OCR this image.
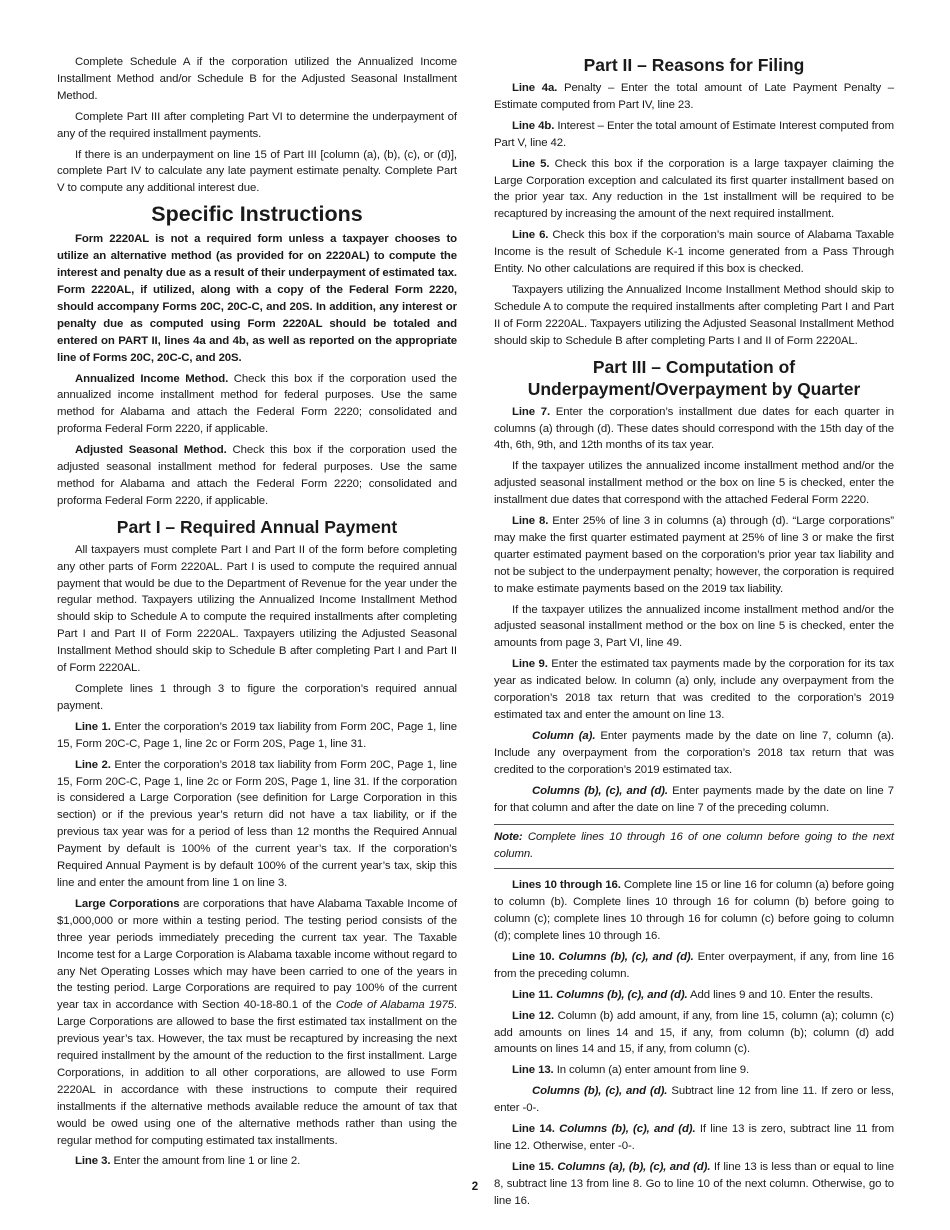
Complete Schedule A if the corporation utilized the Annualized Income Installment Method and/or Schedule B for the Adjusted Seasonal Installment Method.

Complete Part III after completing Part VI to determine the underpayment of any of the required installment payments.

If there is an underpayment on line 15 of Part III [column (a), (b), (c), or (d)], complete Part IV to calculate any late payment estimate penalty. Complete Part V to compute any additional interest due.

Specific Instructions

Form 2220AL is not a required form unless a taxpayer chooses to utilize an alternative method (as provided for on 2220AL) to compute the interest and penalty due as a result of their underpayment of estimated tax. Form 2220AL, if utilized, along with a copy of the Federal Form 2220, should accompany Forms 20C, 20C-C, and 20S. In addition, any interest or penalty due as computed using Form 2220AL should be totaled and entered on PART II, lines 4a and 4b, as well as reported on the appropriate line of Forms 20C, 20C-C, and 20S.

Annualized Income Method. Check this box if the corporation used the annualized income installment method for federal purposes. Use the same method for Alabama and attach the Federal Form 2220; consolidated and proforma Federal Form 2220, if applicable.

Adjusted Seasonal Method. Check this box if the corporation used the adjusted seasonal installment method for federal purposes. Use the same method for Alabama and attach the Federal Form 2220; consolidated and proforma Federal Form 2220, if applicable.

Part I – Required Annual Payment

All taxpayers must complete Part I and Part II of the form before completing any other parts of Form 2220AL. Part I is used to compute the required annual payment that would be due to the Department of Revenue for the year under the regular method. Taxpayers utilizing the Annualized Income Installment Method should skip to Schedule A to compute the required installments after completing Part I and Part II of Form 2220AL. Taxpayers utilizing the Adjusted Seasonal Installment Method should skip to Schedule B after completing Part I and Part II of Form 2220AL.

Complete lines 1 through 3 to figure the corporation’s required annual payment.

Line 1. Enter the corporation’s 2019 tax liability from Form 20C, Page 1, line 15, Form 20C-C, Page 1, line 2c or Form 20S, Page 1, line 31.

Line 2. Enter the corporation’s 2018 tax liability from Form 20C, Page 1, line 15, Form 20C-C, Page 1, line 2c or Form 20S, Page 1, line 31. If the corporation is considered a Large Corporation (see definition for Large Corporation in this section) or if the previous year’s return did not have a tax liability, or if the previous tax year was for a period of less than 12 months the Required Annual Payment by default is 100% of the current year’s tax. If the corporation’s Required Annual Payment is by default 100% of the current year’s tax, skip this line and enter the amount from line 1 on line 3.

Large Corporations are corporations that have Alabama Taxable Income of $1,000,000 or more within a testing period. The testing period consists of the three year periods immediately preceding the current tax year. The Taxable Income test for a Large Corporation is Alabama taxable income without regard to any Net Operating Losses which may have been carried to one of the years in the testing period. Large Corporations are required to pay 100% of the current year tax in accordance with Section 40-18-80.1 of the Code of Alabama 1975. Large Corporations are allowed to base the first estimated tax installment on the previous year’s tax. However, the tax must be recaptured by increasing the next required installment by the amount of the reduction to the first installment. Large Corporations, in addition to all other corporations, are allowed to use Form 2220AL in accordance with these instructions to compute their required installments if the alternative methods available reduce the amount of tax that would be owed using one of the alternative methods rather than using the regular method for computing estimated tax installments.

Line 3. Enter the amount from line 1 or line 2.

Part II – Reasons for Filing

Line 4a. Penalty – Enter the total amount of Late Payment Penalty – Estimate computed from Part IV, line 23.

Line 4b. Interest – Enter the total amount of Estimate Interest computed from Part V, line 42.

Line 5. Check this box if the corporation is a large taxpayer claiming the Large Corporation exception and calculated its first quarter installment based on the prior year tax. Any reduction in the 1st installment will be required to be recaptured by increasing the amount of the next required installment.

Line 6. Check this box if the corporation’s main source of Alabama Taxable Income is the result of Schedule K-1 income generated from a Pass Through Entity. No other calculations are required if this box is checked.

Taxpayers utilizing the Annualized Income Installment Method should skip to Schedule A to compute the required installments after completing Part I and Part II of Form 2220AL. Taxpayers utilizing the Adjusted Seasonal Installment Method should skip to Schedule B after completing Parts I and II of Form 2220AL.

Part III – Computation of
Underpayment/Overpayment by Quarter

Line 7. Enter the corporation’s installment due dates for each quarter in columns (a) through (d). These dates should correspond with the 15th day of the 4th, 6th, 9th, and 12th months of its tax year.

If the taxpayer utilizes the annualized income installment method and/or the adjusted seasonal installment method or the box on line 5 is checked, enter the installment due dates that correspond with the attached Federal Form 2220.

Line 8. Enter 25% of line 3 in columns (a) through (d). “Large corporations” may make the first quarter estimated payment at 25% of line 3 or make the first quarter estimated payment based on the corporation’s prior year tax liability and not be subject to the underpayment penalty; however, the corporation is required to make estimate payments based on the 2019 tax liability.

If the taxpayer utilizes the annualized income installment method and/or the adjusted seasonal installment method or the box on line 5 is checked, enter the amounts from page 3, Part VI, line 49.

Line 9. Enter the estimated tax payments made by the corporation for its tax year as indicated below. In column (a) only, include any overpayment from the corporation’s 2018 tax return that was credited to the corporation’s 2019 estimated tax and enter the amount on line 13.

Column (a). Enter payments made by the date on line 7, column (a). Include any overpayment from the corporation’s 2018 tax return that was credited to the corporation’s 2019 estimated tax.

Columns (b), (c), and (d). Enter payments made by the date on line 7 for that column and after the date on line 7 of the preceding column.

Note: Complete lines 10 through 16 of one column before going to the next column.

Lines 10 through 16. Complete line 15 or line 16 for column (a) before going to column (b). Complete lines 10 through 16 for column (b) before going to column (c); complete lines 10 through 16 for column (c) before going to column (d); complete lines 10 through 16.

Line 10. Columns (b), (c), and (d). Enter overpayment, if any, from line 16 from the preceding column.

Line 11. Columns (b), (c), and (d). Add lines 9 and 10. Enter the results.

Line 12. Column (b) add amount, if any, from line 15, column (a); column (c) add amounts on lines 14 and 15, if any, from column (b); column (d) add amounts on lines 14 and 15, if any, from column (c).

Line 13. In column (a) enter amount from line 9.

Columns (b), (c), and (d). Subtract line 12 from line 11. If zero or less, enter -0-.

Line 14. Columns (b), (c), and (d). If line 13 is zero, subtract line 11 from line 12. Otherwise, enter -0-.

Line 15. Columns (a), (b), (c), and (d). If line 13 is less than or equal to line 8, subtract line 13 from line 8. Go to line 10 of the next column. Otherwise, go to line 16.

2
